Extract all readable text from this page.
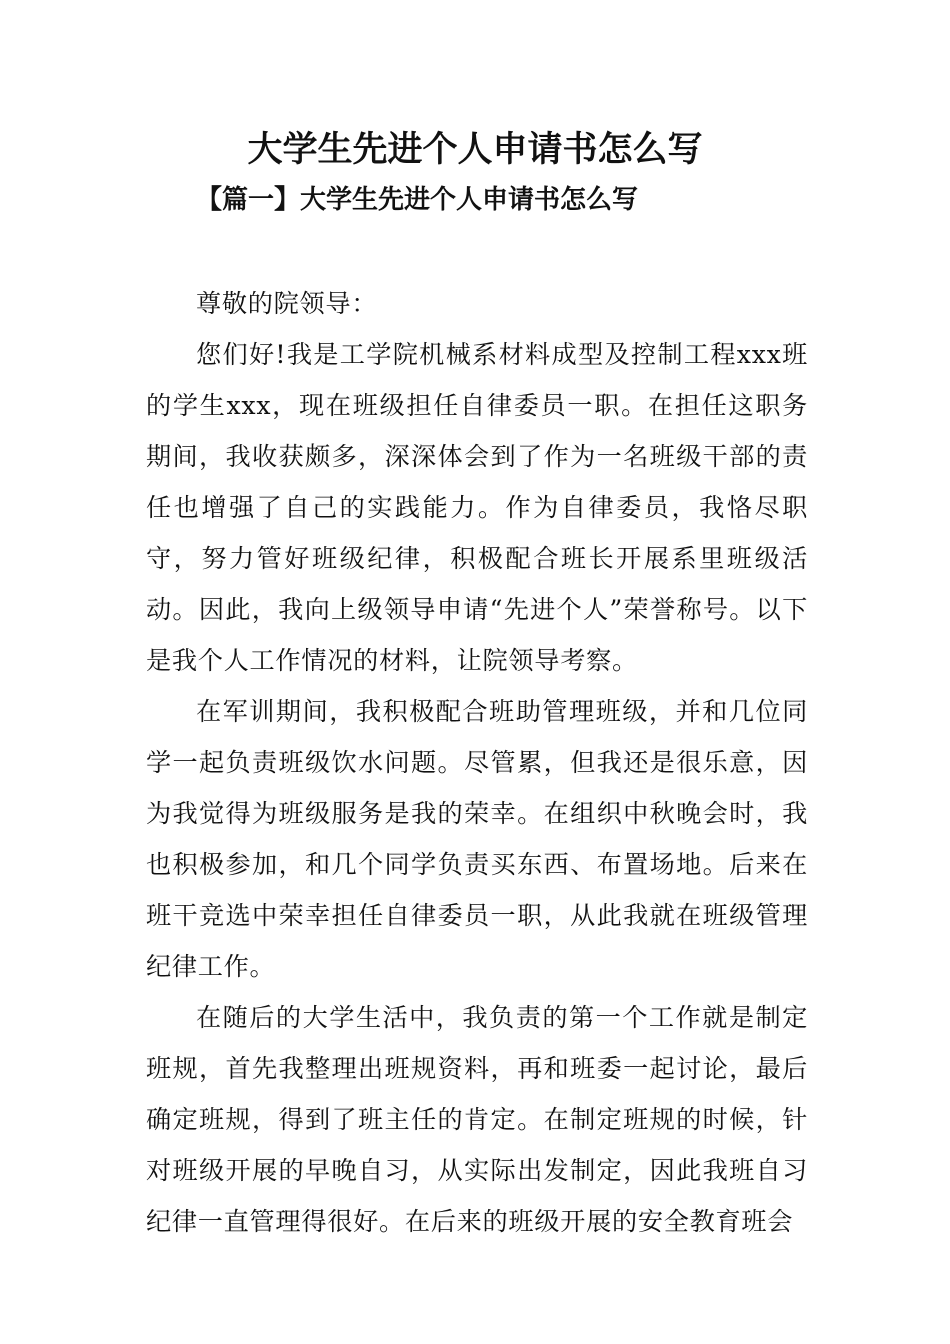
大学生先进个人申请书怎么写
【篇一】大学生先进个人申请书怎么写

尊敬的院领导：

您们好!我是工学院机械系材料成型及控制工程xxx班的学生xxx，现在班级担任自律委员一职。在担任这职务期间，我收获颇多，深深体会到了作为一名班级干部的责任也增强了自己的实践能力。作为自律委员，我恪尽职守，努力管好班级纪律，积极配合班长开展系里班级活动。因此，我向上级领导申请“先进个人”荣誉称号。以下是我个人工作情况的材料，让院领导考察。

在军训期间，我积极配合班助管理班级，并和几位同学一起负责班级饮水问题。尽管累，但我还是很乐意，因为我觉得为班级服务是我的荣幸。在组织中秋晚会时，我也积极参加，和几个同学负责买东西、布置场地。后来在班干竞选中荣幸担任自律委员一职，从此我就在班级管理纪律工作。

在随后的大学生活中，我负责的第一个工作就是制定班规，首先我整理出班规资料，再和班委一起讨论，最后确定班规，得到了班主任的肯定。在制定班规的时候，针对班级开展的早晚自习，从实际出发制定，因此我班自习纪律一直管理得很好。在后来的班级开展的安全教育班会
